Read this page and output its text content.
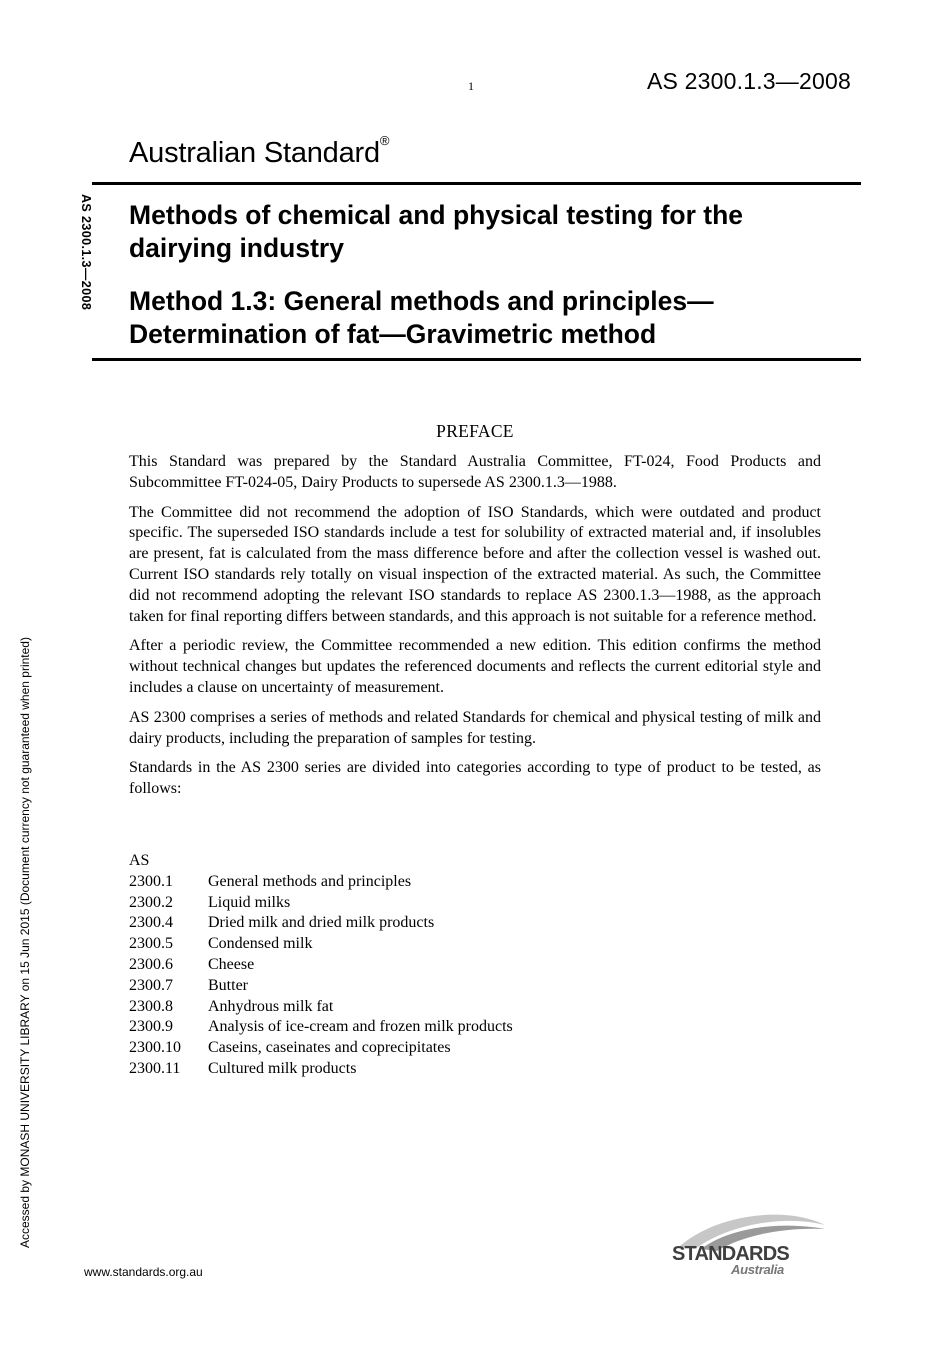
1	AS 2300.1.3—2008
Australian Standard®
AS 2300.1.3—2008 Methods of chemical and physical testing for the dairying industry
Method 1.3: General methods and principles—Determination of fat—Gravimetric method
Accessed by MONASH UNIVERSITY LIBRARY on 15 Jun 2015 (Document currency not guaranteed when printed)
PREFACE

This Standard was prepared by the Standard Australia Committee, FT-024, Food Products and Subcommittee FT-024-05, Dairy Products to supersede AS 2300.1.3—1988.

The Committee did not recommend the adoption of ISO Standards, which were outdated and product specific. The superseded ISO standards include a test for solubility of extracted material and, if insolubles are present, fat is calculated from the mass difference before and after the collection vessel is washed out. Current ISO standards rely totally on visual inspection of the extracted material. As such, the Committee did not recommend adopting the relevant ISO standards to replace AS 2300.1.3—1988, as the approach taken for final reporting differs between standards, and this approach is not suitable for a reference method.

After a periodic review, the Committee recommended a new edition. This edition confirms the method without technical changes but updates the referenced documents and reflects the current editorial style and includes a clause on uncertainty of measurement.

AS 2300 comprises a series of methods and related Standards for chemical and physical testing of milk and dairy products, including the preparation of samples for testing.

Standards in the AS 2300 series are divided into categories according to type of product to be tested, as follows:

AS
2300.1	General methods and principles
2300.2	Liquid milks
2300.4	Dried milk and dried milk products
2300.5	Condensed milk
2300.6	Cheese
2300.7	Butter
2300.8	Anhydrous milk fat
2300.9	Analysis of ice-cream and frozen milk products
2300.10	Caseins, caseinates and coprecipitates
2300.11	Cultured milk products
www.standards.org.au
STANDARDS
Australia
